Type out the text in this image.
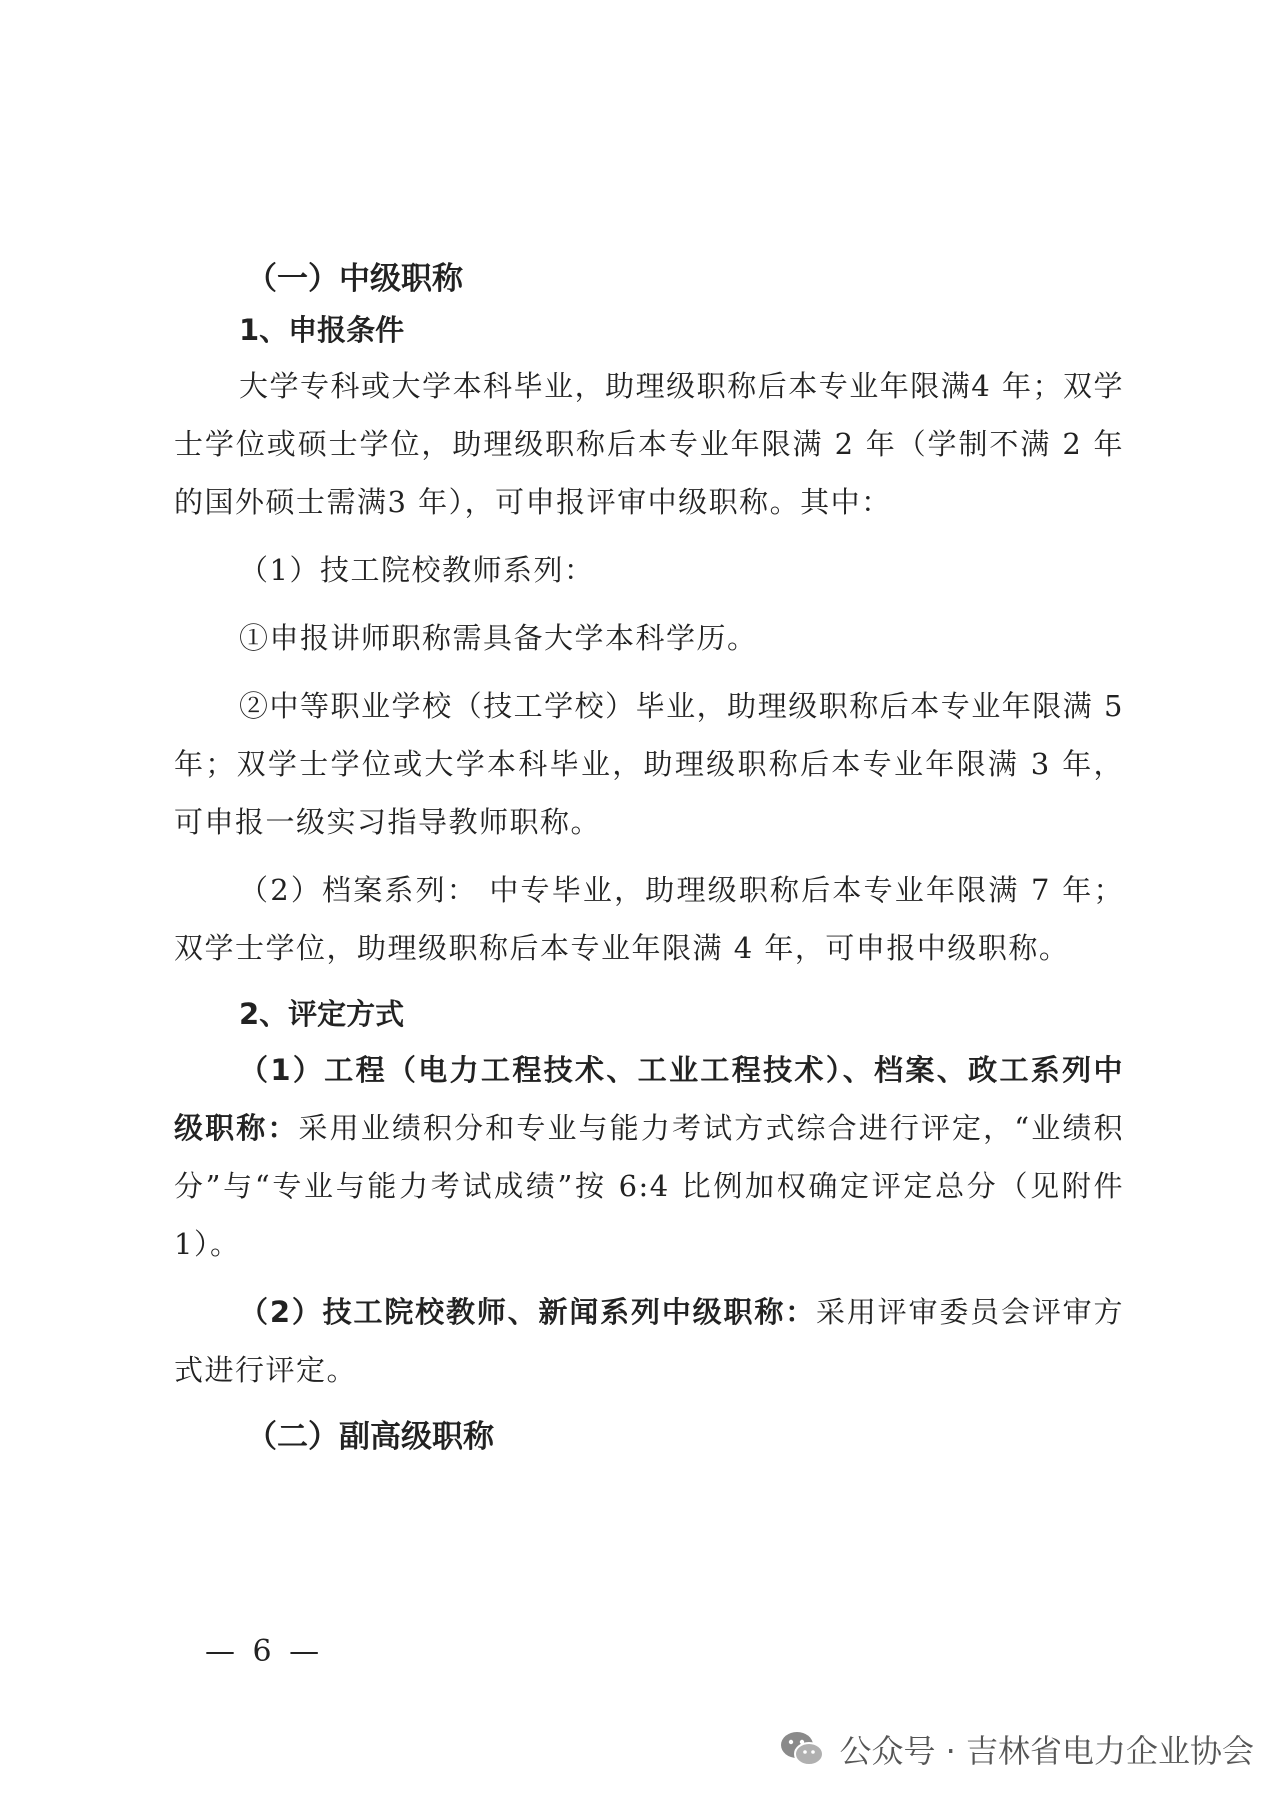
（一）中级职称
1、申报条件

大学专科或大学本科毕业，助理级职称后本专业年限满4 年；双学士学位或硕士学位，助理级职称后本专业年限满 2 年（学制不满 2 年的国外硕士需满3 年），可申报评审中级职称。其中：

（1）技工院校教师系列：

①申报讲师职称需具备大学本科学历。

②中等职业学校（技工学校）毕业，助理级职称后本专业年限满 5 年；双学士学位或大学本科毕业，助理级职称后本专业年限满 3 年，可申报一级实习指导教师职称。

（2）档案系列： 中专毕业，助理级职称后本专业年限满 7 年；双学士学位，助理级职称后本专业年限满 4 年，可申报中级职称。

2、评定方式

（1）工程（电力工程技术、工业工程技术）、档案、政工系列中级职称：采用业绩积分和专业与能力考试方式综合进行评定，“业绩积分”与“专业与能力考试成绩”按 6:4 比例加权确定评定总分（见附件 1）。

（2）技工院校教师、新闻系列中级职称：采用评审委员会评审方式进行评定。

（二）副高级职称
— 6 —
公众号 · 吉林省电力企业协会
